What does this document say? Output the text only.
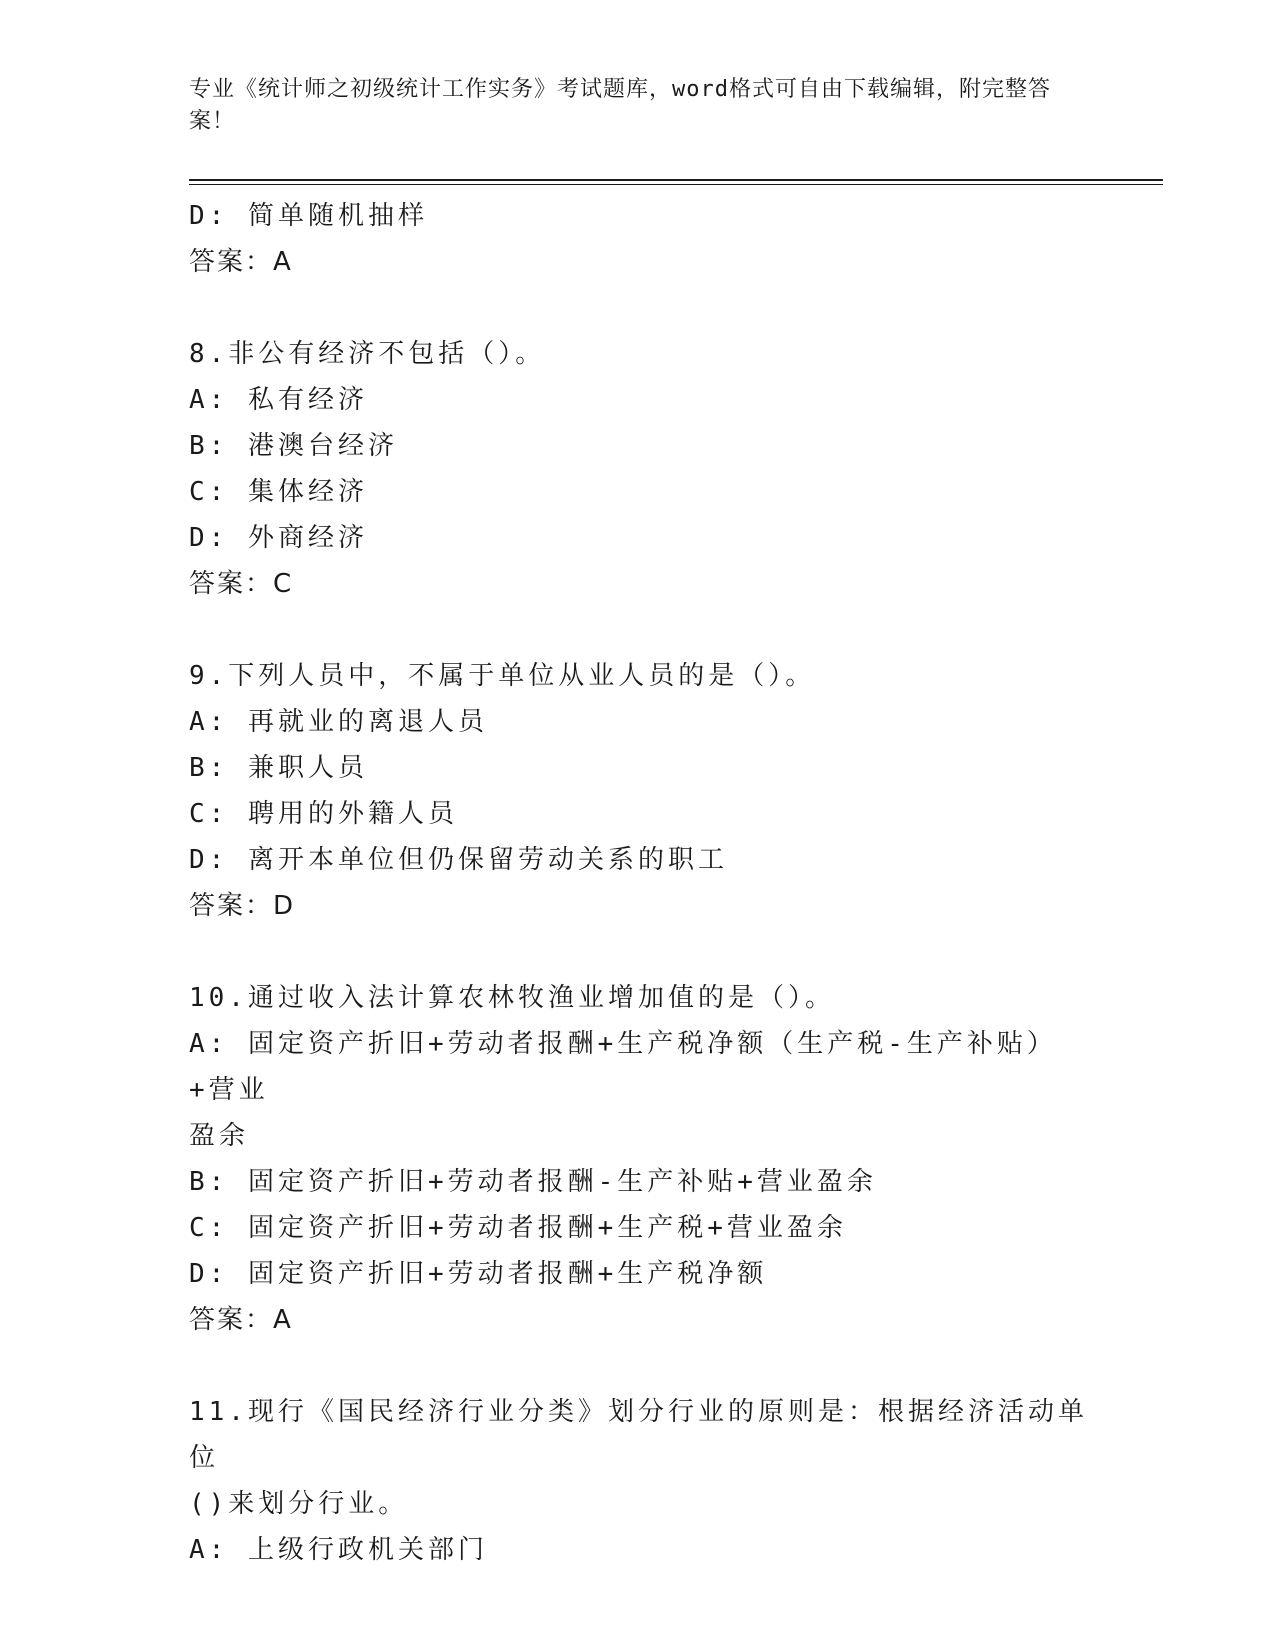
专业《统计师之初级统计工作实务》考试题库，word格式可自由下载编辑，附完整答案！
D: 简单随机抽样
答案：A
8.非公有经济不包括（）。
A: 私有经济
B: 港澳台经济
C: 集体经济
D: 外商经济
答案：C
9.下列人员中，不属于单位从业人员的是（）。
A: 再就业的离退人员
B: 兼职人员
C: 聘用的外籍人员
D: 离开本单位但仍保留劳动关系的职工
答案：D
10.通过收入法计算农林牧渔业增加值的是（）。
A: 固定资产折旧+劳动者报酬+生产税净额（生产税-生产补贴）+营业
盈余
B: 固定资产折旧+劳动者报酬-生产补贴+营业盈余
C: 固定资产折旧+劳动者报酬+生产税+营业盈余
D: 固定资产折旧+劳动者报酬+生产税净额
答案：A
11.现行《国民经济行业分类》划分行业的原则是：根据经济活动单位
()来划分行业。
A: 上级行政机关部门
